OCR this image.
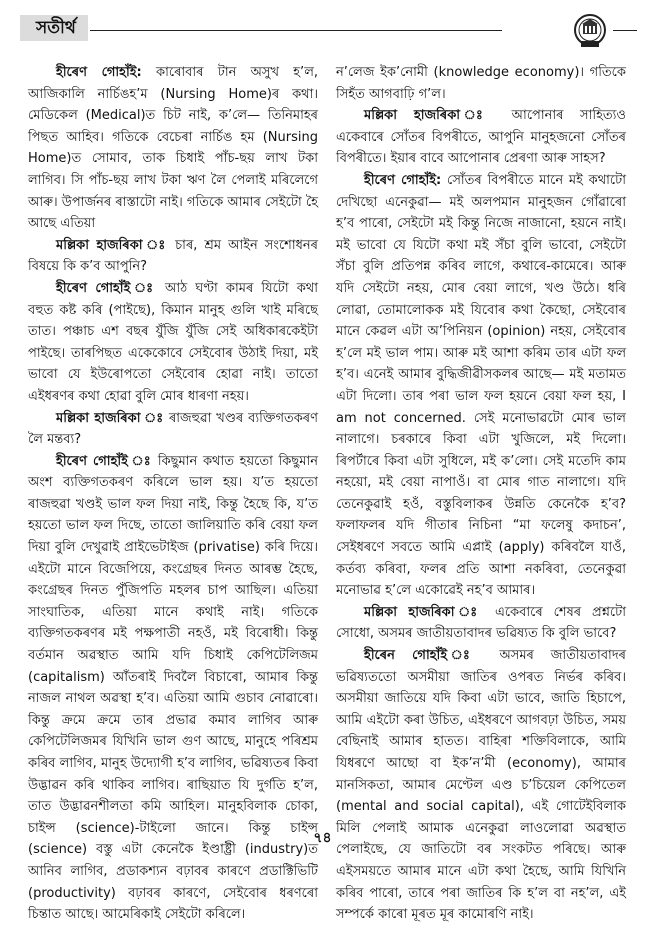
সতীৰ্থ

হীৰেণ গোহাঁই: কাৰোবাৰ টান অসুখ হ’ল, আজিকালি নাৰ্চিঙহ’ম (Nursing Home)ৰ কথা। মেডিকেল (Medical)ত চিট নাই, ক’লে— তিনিমাহৰ পিছত আহিব। গতিকে বেচেৰা নাৰ্চিঙ হম (Nursing Home)ত সোমাব, তাক চিধাই পাঁচ-ছয় লাখ টকা লাগিব। সি পাঁচ-ছয় লাখ টকা ঋণ লৈ পেলাই মৰিলেগে আৰু। উপাৰ্জনৰ ৰাস্তাটো নাই। গতিকে আমাৰ সেইটো হৈ আছে এতিয়া

মল্লিকা হাজৰিকা ঃ চাৰ, শ্ৰম আইন সংশোধনৰ বিষয়ে কি ক’ব আপুনি?

হীৰেণ গোহাঁই ঃ আঠ ঘণ্টা কামৰ যিটো কথা বহুত কষ্ট কৰি (পাইছে), কিমান মানুহ গুলি খাই মৰিছে তাত। পঞ্চাচ এশ বছৰ যুঁজি যুঁজি সেই অধিকাৰকেইটা পাইছে। তাৰপিছত একেকোবে সেইবোৰ উঠাই দিয়া, মই ভাবো যে ইউৰোপতো সেইবোৰ হোৱা নাই। তাতো এইধৰণৰ কথা হোৱা বুলি মোৰ ধাৰণা নহয়।

মল্লিকা হাজৰিকা ঃ ৰাজহুৱা খণ্ডৰ ব্যক্তিগতকৰণ লৈ মন্তব্য?

হীৰেণ গোহাঁই ঃ কিছুমান কথাত হয়তো কিছুমান অংশ ব্যক্তিগতকৰণ কৰিলে ভাল হয়। য’ত হয়তো ৰাজহুৱা খণ্ডই ভাল ফল দিয়া নাই, কিন্তু হৈছে কি, য’ত হয়তো ভাল ফল দিছে, তাতো জালিয়াতি কৰি বেয়া ফল দিয়া বুলি দেখুৱাই প্ৰাইভেটাইজ (privatise) কৰি দিয়ে। এইটো মানে বিজেপিয়ে, কংগ্ৰেছৰ দিনত আৰম্ভ হৈছে, কংগ্ৰেছৰ দিনত পুঁজিপতি মহলৰ চাপ আছিল। এতিয়া সাংঘাতিক, এতিয়া মানে কথাই নাই। গতিকে ব্যক্তিগতকৰণৰ মই পক্ষপাতী নহওঁ, মই বিৰোধী। কিন্তু বৰ্তমান অৱস্থাত আমি যদি চিধাই কেপিটেলিজম (capitalism) আঁতৰাই দিবলৈ বিচাৰো, আমাৰ কিন্তু নাজল নাথল অৱস্থা হ’ব। এতিয়া আমি গুচাব নোৱাৰো। কিন্তু ক্ৰমে ক্ৰমে তাৰ প্ৰভাৱ কমাব লাগিব আৰু কেপিটেলিজমৰ যিখিনি ভাল গুণ আছে, মানুহে পৰিশ্ৰম কৰিব লাগিব, মানুহ উদ্যোগী হ’ব লাগিব, ভৱিষ্যতৰ কিবা উদ্ভাৱন কৰি থাকিব লাগিব। ৰাছিয়াত যি দুৰ্গতি হ’ল, তাত উদ্ভাৱনশীলতা কমি আহিল। মানুহবিলাক চোকা, চাইন্স (science)-টাইলো জানে। কিন্তু চাইন্স (science) বস্তু এটা কেনেকৈ ইণ্ডাষ্ট্ৰী (industry)ত আনিব লাগিব, প্ৰডাকশ্যন বঢ়াবৰ কাৰণে প্ৰডাক্টিভিটি (productivity) বঢ়াবৰ কাৰণে, সেইবোৰ ধৰণৰো চিন্তাত আছে। আমেৰিকাই সেইটো কৰিলে।

ন’লেজ ইক’নোমী (knowledge economy)। গতিকে সিহঁত আগবাঢ়ি গ’ল।

মল্লিকা হাজৰিকা ঃ আপোনাৰ সাহিত্যও একেবাৰে সোঁতৰ বিপৰীতে, আপুনি মানুহজনো সোঁতৰ বিপৰীতে। ইয়াৰ বাবে আপোনাৰ প্ৰেৰণা আৰু সাহস?

হীৰেণ গোহাঁই: সোঁতৰ বিপৰীতে মানে মই কথাটো দেখিছো এনেকুৱা— মই অলপমান মানুহজন গোঁৱাৰো হ’ব পাৰো, সেইটো মই কিন্তু নিজে নাজানো, হয়নে নাই। মই ভাবো যে যিটো কথা মই সঁচা বুলি ভাবো, সেইটো সঁচা বুলি প্ৰতিপন্ন কৰিব লাগে, কথাৰে-কামেৰে। আৰু যদি সেইটো নহয়, মোৰ বেয়া লাগে, খণ্ড উঠে। ধৰি লোৱা, তোমালোকক মই যিবোৰ কথা কৈছো, সেইবোৰ মানে কেৱল এটা অ’পিনিয়ন (opinion) নহয়, সেইবোৰ হ’লে মই ভাল পাম। আৰু মই আশা কৰিম তাৰ এটা ফল হ’ব। এনেই আমাৰ বুদ্ধিজীৱীসকলৰ আছে— মই মতামত এটা দিলো। তাৰ পৰা ভাল ফল হয়নে বেয়া ফল হয়, I am not concerned. সেই মনোভাৱটো মোৰ ভাল নালাগে। চৰকাৰে কিবা এটা খুজিলে, মই দিলো। ৰিপৰ্টাৰে কিবা এটা সুধিলে, মই ক’লো। সেই মতেদি কাম নহয়ো, মই বেয়া নাপাওঁ। বা মোৰ গাত নালাগে। যদি তেনেকুৱাই হওঁ, বস্তুবিলাকৰ উন্নতি কেনেকৈ হ’ব? ফলাফলৰ যদি গীতাৰ নিচিনা “মা ফলেষু কদাচন’, সেইধৰণে সবতে আমি এপ্লাই (apply) কৰিবলৈ যাওঁ, কৰ্তব্য কৰিবা, ফলৰ প্ৰতি আশা নকৰিবা, তেনেকুৱা মনোভাৱ হ’লে একোৱেই নহ’ব আমাৰ।

মল্লিকা হাজৰিকা ঃ একেবাৰে শেষৰ প্ৰশ্নটো সোধো, অসমৰ জাতীয়তাবাদৰ ভৱিষ্যত কি বুলি ভাবে?

হীৰেন গোহাঁই ঃ অসমৰ জাতীয়তাবাদৰ ভৱিষ্যততো অসমীয়া জাতিৰ ওপৰত নিৰ্ভৰ কৰিব। অসমীয়া জাতিয়ে যদি কিবা এটা ভাবে, জাতি হিচাপে, আমি এইটো কৰা উচিত, এইধৰণে আগবঢ়া উচিত, সময় বেছিনাই আমাৰ হাতত। বাহিৰা শক্তিবিলাকে, আমি যিধৰণে আছো বা ইক’ন’মী (economy), আমাৰ মানসিকতা, আমাৰ মেণ্টেল এণ্ড চ’চিয়েল কেপিতেল (mental and social capital), এই গোটেইবিলাক মিলি পেলাই আমাক এনেকুৱা লাওলোৱা অৱস্থাত পেলাইছে, যে জাতিটো বৰ সংকটত পৰিছে। আৰু এইসময়তে আমাৰ মানে এটা কথা হৈছে, আমি যিখিনি কৰিব পাৰো, তাৰে পৰা জাতিৰ কি হ’ল বা নহ’ল, এই সম্পৰ্কে কাৰো মূৰত মূৰ কামোৰণি নাই।

৭৪
